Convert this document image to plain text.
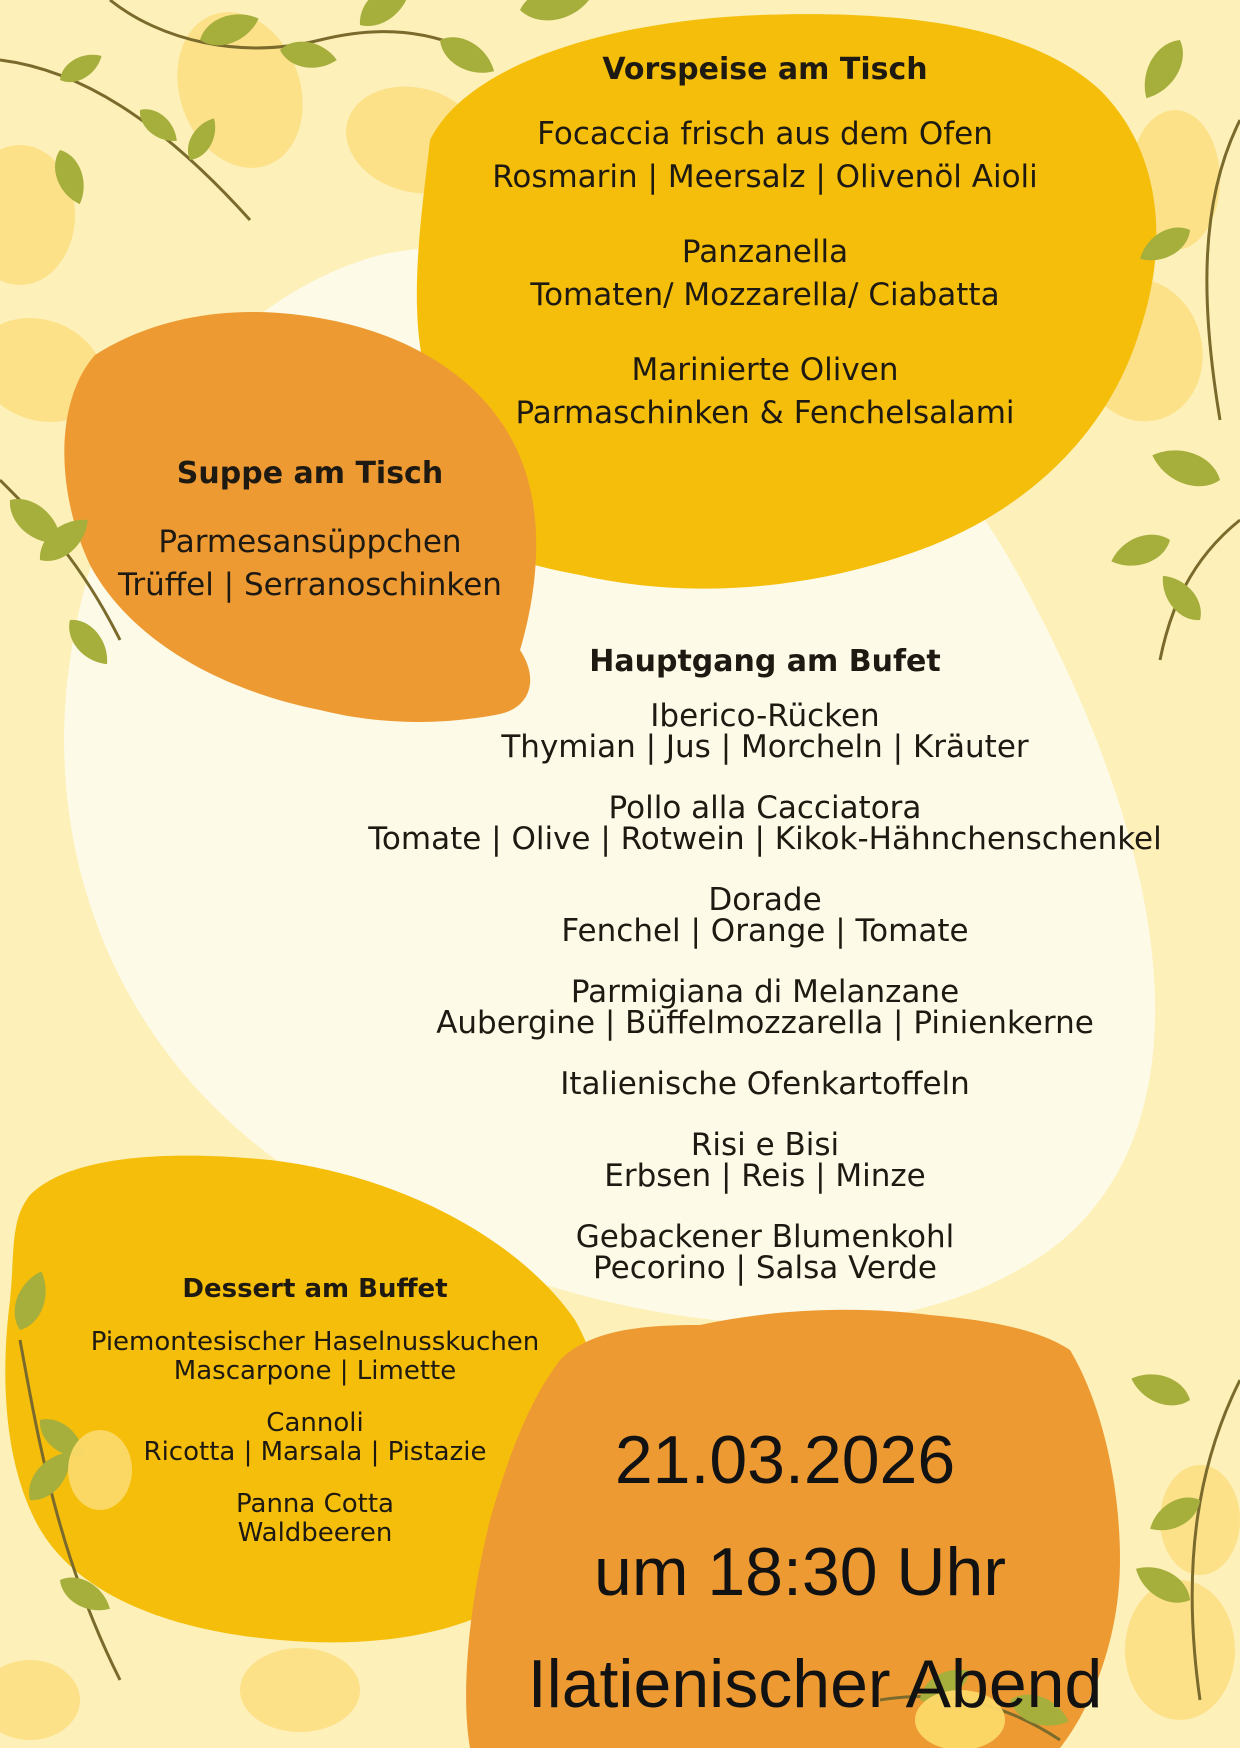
Vorspeise am Tisch
Focaccia frisch aus dem Ofen
Rosmarin | Meersalz | Olivenöl Aioli
Panzanella
Tomaten/ Mozzarella/ Ciabatta
Marinierte Oliven
Parmaschinken & Fenchelsalami
Suppe am Tisch
Parmesansüppchen
Trüffel | Serranoschinken
Hauptgang am Bufet
Iberico-Rücken
Thymian | Jus | Morcheln | Kräuter
Pollo alla Cacciatora
Tomate | Olive | Rotwein | Kikok-Hähnchenschenkel
Dorade
Fenchel | Orange | Tomate
Parmigiana di Melanzane
Aubergine | Büffelmozzarella | Pinienkerne
Italienische Ofenkartoffeln
Risi e Bisi
Erbsen | Reis | Minze
Gebackener Blumenkohl
Pecorino | Salsa Verde
Dessert am Buffet
Piemontesischer Haselnusskuchen
Mascarpone | Limette
Cannoli
Ricotta | Marsala | Pistazie
Panna Cotta
Waldbeeren
21.03.2026
um 18:30 Uhr
Ilatienischer Abend
